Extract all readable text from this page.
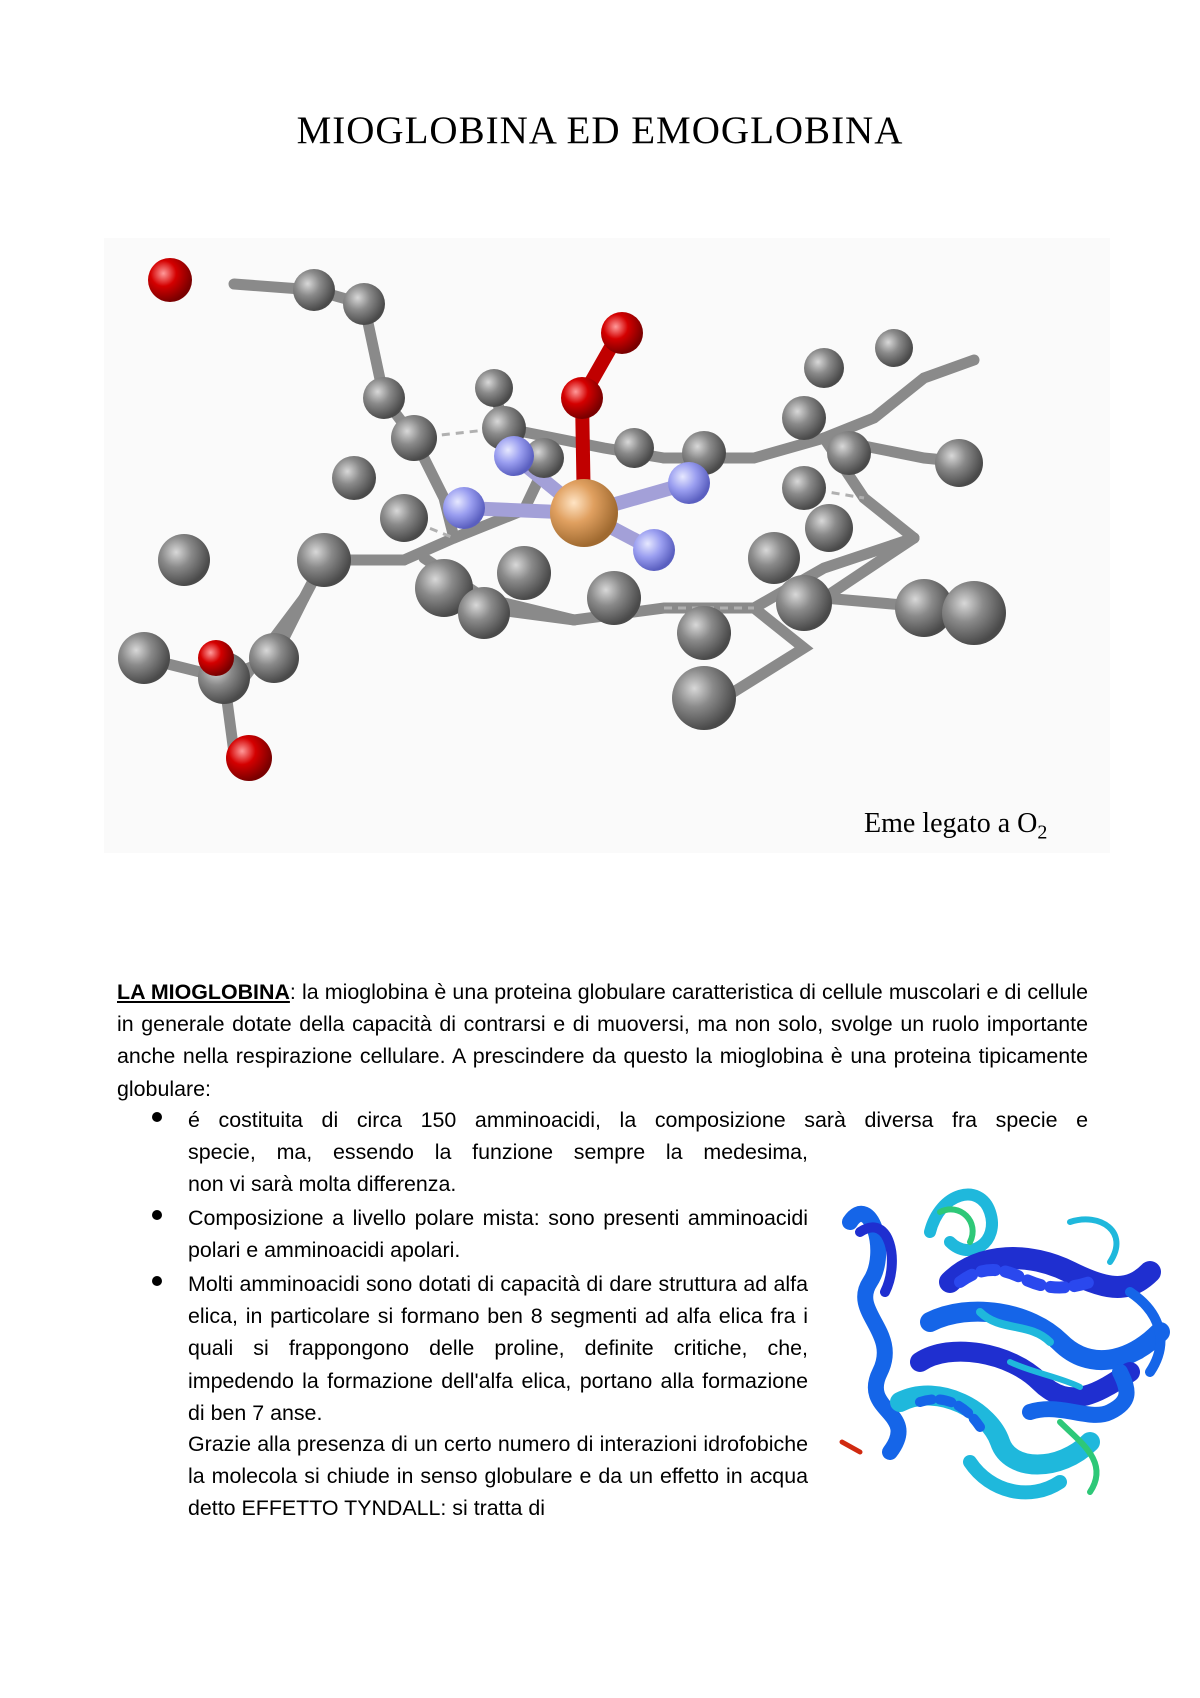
MIOGLOBINA ED EMOGLOBINA
Eme legato a $O_2$
LA MIOGLOBINA: la mioglobina è una proteina globulare caratteristica di cellule muscolari e di cellule in generale dotate della capacità di contrarsi e di muoversi, ma non solo, svolge un ruolo importante anche nella respirazione cellulare. A prescindere da questo la mioglobina è una proteina tipicamente globulare:
é costituita di circa 150 amminoacidi, la composizione sarà diversa fra specie e
specie, ma, essendo la funzione sempre la medesima,
non vi sarà molta differenza.
Composizione a livello polare mista: sono presenti amminoacidi polari e amminoacidi apolari.
Molti amminoacidi sono dotati di capacità di dare struttura ad alfa elica, in particolare si formano ben 8 segmenti ad alfa elica fra i quali si frappongono delle proline, definite critiche, che, impedendo la formazione dell'alfa elica, portano alla formazione di ben 7 anse.
Grazie alla presenza di un certo numero di interazioni idrofobiche la molecola si chiude in senso globulare e da un effetto in acqua detto EFFETTO TYNDALL: si tratta di
